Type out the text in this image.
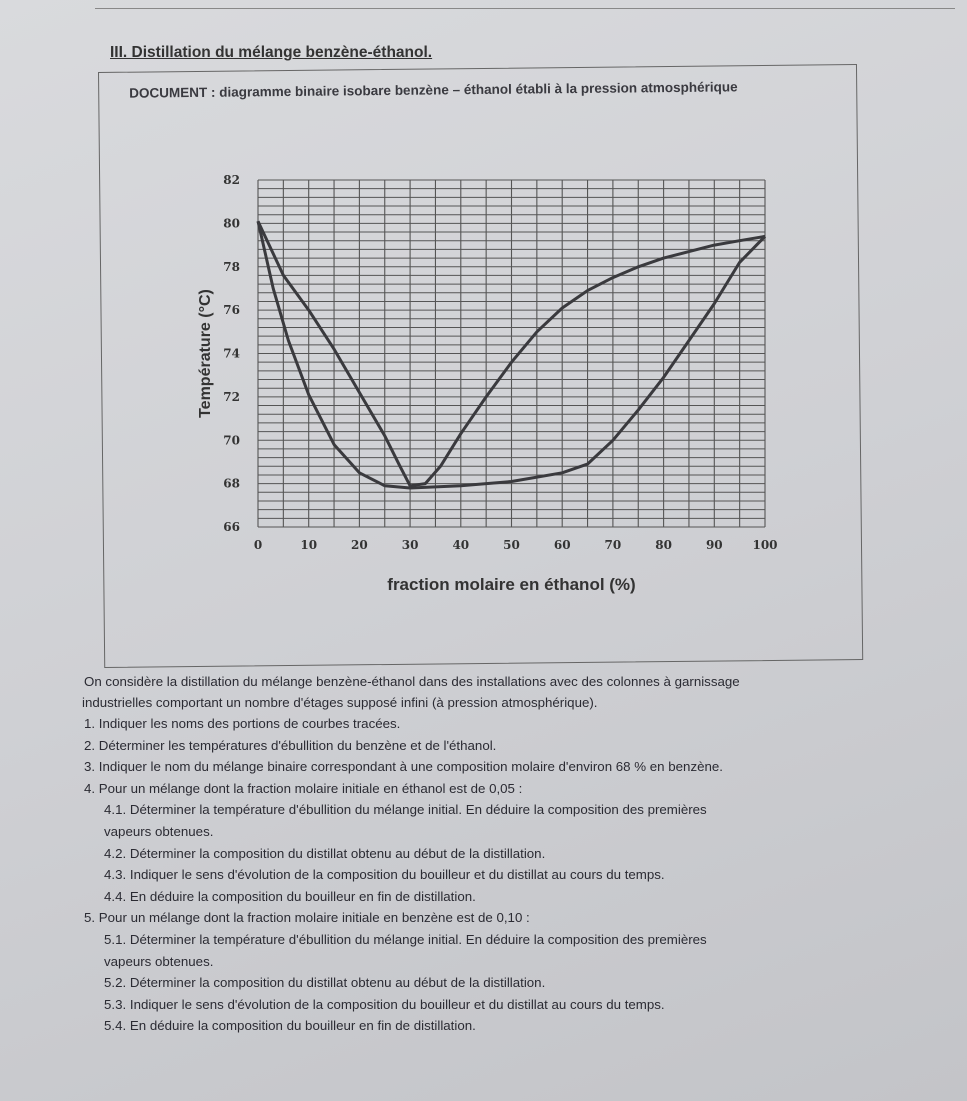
III. Distillation du mélange benzène-éthanol.
DOCUMENT : diagramme binaire isobare benzène – éthanol établi à la pression atmosphérique
0	10	20	30	40	50	60	70	80	90 100
66
68
70
72
74
76
78
80
82
fraction molaire en éthanol (%)
Température (°C)
On considère la distillation du mélange benzène-éthanol dans des installations avec des colonnes à garnissage
industrielles comportant un nombre d'étages supposé infini (à pression atmosphérique).
1. Indiquer les noms des portions de courbes tracées.
2. Déterminer les températures d'ébullition du benzène et de l'éthanol.
3. Indiquer le nom du mélange binaire correspondant à une composition molaire d'environ 68 % en benzène.
4. Pour un mélange dont la fraction molaire initiale en éthanol est de 0,05 :
4.1. Déterminer la température d'ébullition du mélange initial. En déduire la composition des premières
vapeurs obtenues.
4.2. Déterminer la composition du distillat obtenu au début de la distillation.
4.3. Indiquer le sens d'évolution de la composition du bouilleur et du distillat au cours du temps.
4.4. En déduire la composition du bouilleur en fin de distillation.
5. Pour un mélange dont la fraction molaire initiale en benzène est de 0,10 :
5.1. Déterminer la température d'ébullition du mélange initial. En déduire la composition des premières
vapeurs obtenues.
5.2. Déterminer la composition du distillat obtenu au début de la distillation.
5.3. Indiquer le sens d'évolution de la composition du bouilleur et du distillat au cours du temps.
5.4. En déduire la composition du bouilleur en fin de distillation.
